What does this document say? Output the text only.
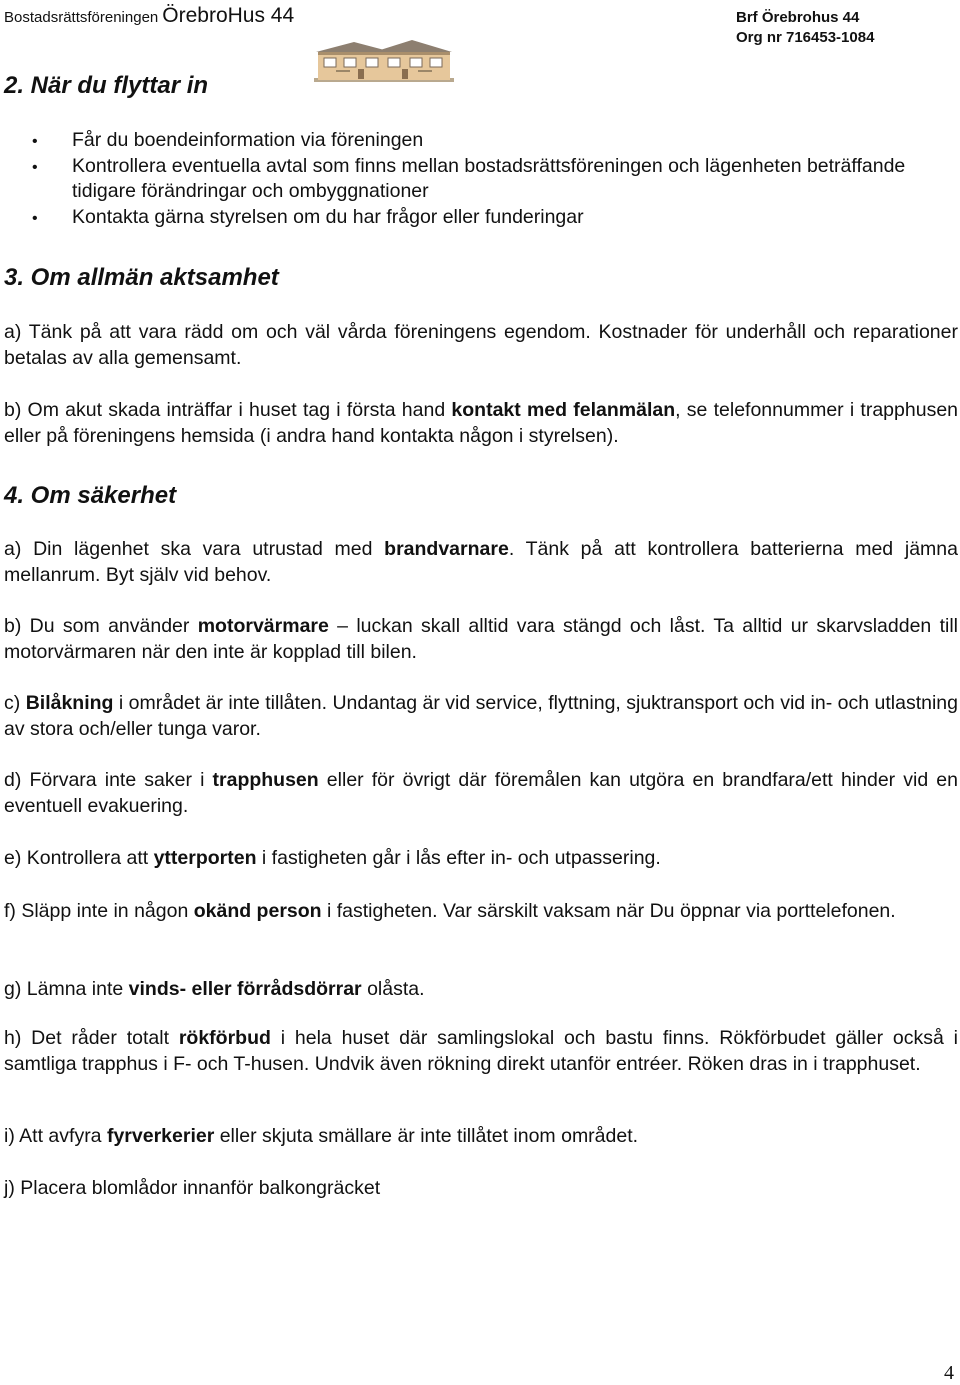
Bostadsrättsföreningen ÖrebroHus 44	Brf Örebrohus 44
Org nr 716453-1084
2. När du flyttar in
• Får du boendeinformation via föreningen
• Kontrollera eventuella avtal som finns mellan bostadsrättsföreningen och lägenheten beträffande tidigare förändringar och ombyggnationer
• Kontakta gärna styrelsen om du har frågor eller funderingar
3. Om allmän aktsamhet

a) Tänk på att vara rädd om och väl vårda föreningens egendom. Kostnader för underhåll och reparationer betalas av alla gemensamt.

b) Om akut skada inträffar i huset tag i första hand kontakt med felanmälan, se telefonnummer i trapphusen eller på föreningens hemsida (i andra hand kontakta någon i styrelsen).

4. Om säkerhet

a) Din lägenhet ska vara utrustad med brandvarnare. Tänk på att kontrollera batterierna med jämna mellanrum. Byt själv vid behov.

b) Du som använder motorvärmare – luckan skall alltid vara stängd och låst. Ta alltid ur skarvsladden till motorvärmaren när den inte är kopplad till bilen.

c) Bilåkning i området är inte tillåten. Undantag är vid service, flyttning, sjuktransport och vid in- och utlastning av stora och/eller tunga varor.

d) Förvara inte saker i trapphusen eller för övrigt där föremålen kan utgöra en brandfara/ett hinder vid en eventuell evakuering.

e) Kontrollera att ytterporten i fastigheten går i lås efter in- och utpassering.

f) Släpp inte in någon okänd person i fastigheten. Var särskilt vaksam när Du öppnar via porttelefonen.

g) Lämna inte vinds- eller förrådsdörrar olåsta.

h) Det råder totalt rökförbud i hela huset där samlingslokal och bastu finns. Rökförbudet gäller också i samtliga trapphus i F- och T-husen. Undvik även rökning direkt utanför entréer. Röken dras in i trapphuset.

i) Att avfyra fyrverkerier eller skjuta smällare är inte tillåtet inom området.

j) Placera blomlådor innanför balkongräcket

4
